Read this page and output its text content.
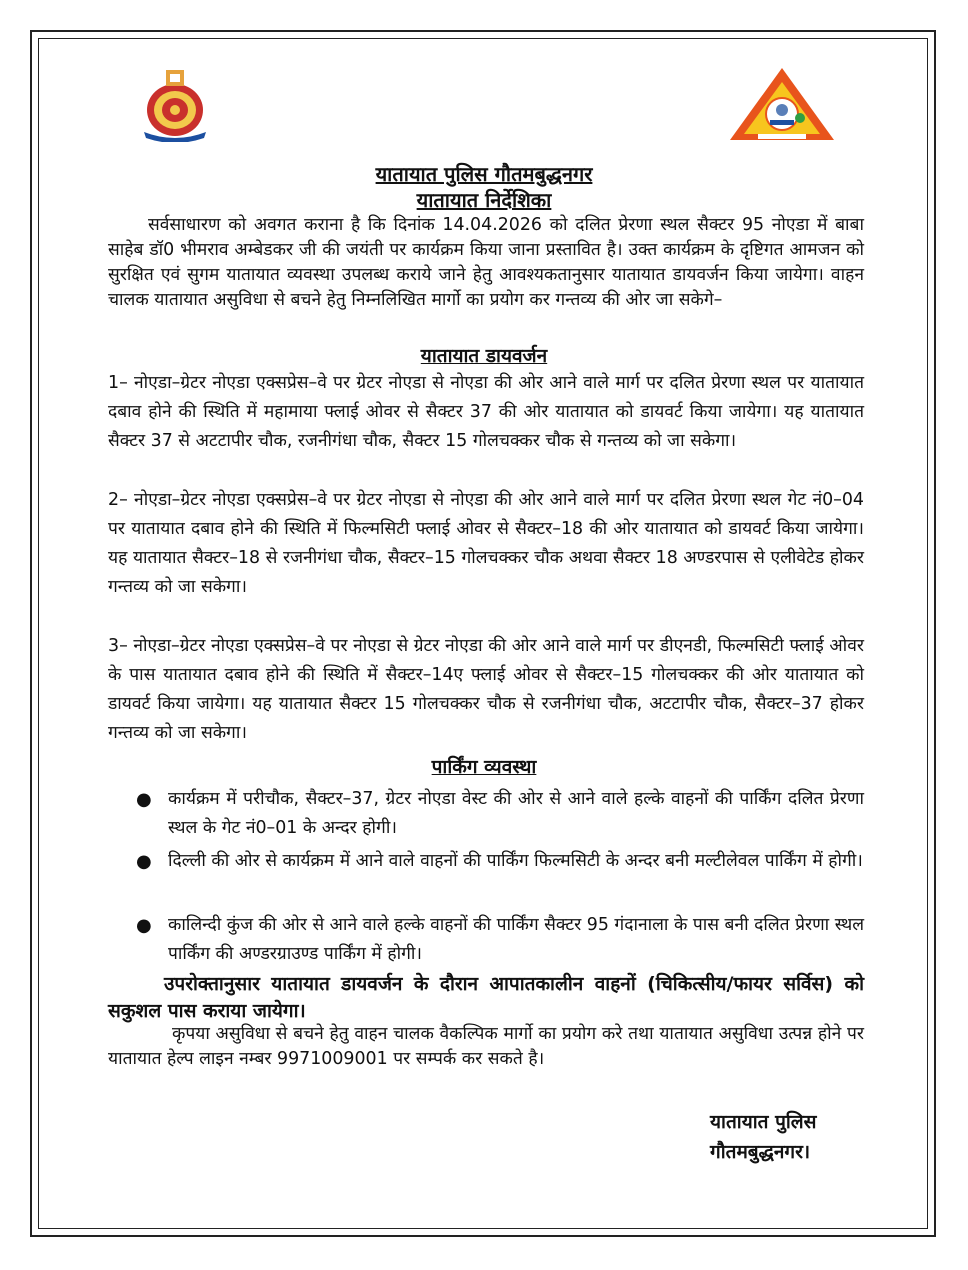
यातायात पुलिस गौतमबुद्धनगर
यातायात निर्देशिका
सर्वसाधारण को अवगत कराना है कि दिनांक 14.04.2026 को दलित प्रेरणा स्थल सैक्टर 95 नोएडा में बाबा साहेब डॉ0 भीमराव अम्बेडकर जी की जयंती पर कार्यक्रम किया जाना प्रस्तावित है। उक्त कार्यक्रम के दृष्टिगत आमजन को सुरक्षित एवं सुगम यातायात व्यवस्था उपलब्ध कराये जाने हेतु आवश्यकतानुसार यातायात डायवर्जन किया जायेगा। वाहन चालक यातायात असुविधा से बचने हेतु निम्नलिखित मार्गो का प्रयोग कर गन्तव्य की ओर जा सकेगे–
यातायात डायवर्जन
1– नोएडा–ग्रेटर नोएडा एक्सप्रेस–वे पर ग्रेटर नोएडा से नोएडा की ओर आने वाले मार्ग पर दलित प्रेरणा स्थल पर यातायात दबाव होने की स्थिति में महामाया फ्लाई ओवर से सैक्टर 37 की ओर यातायात को डायवर्ट किया जायेगा। यह यातायात सैक्टर 37 से अटटापीर चौक, रजनीगंधा चौक, सैक्टर 15 गोलचक्कर चौक से गन्तव्य को जा सकेगा।
2– नोएडा–ग्रेटर नोएडा एक्सप्रेस–वे पर ग्रेटर नोएडा से नोएडा की ओर आने वाले मार्ग पर दलित प्रेरणा स्थल गेट नं0–04 पर यातायात दबाव होने की स्थिति में फिल्मसिटी फ्लाई ओवर से सैक्टर–18 की ओर यातायात को डायवर्ट किया जायेगा। यह यातायात सैक्टर–18 से रजनीगंधा चौक, सैक्टर–15 गोलचक्कर चौक अथवा सैक्टर 18 अण्डरपास से एलीवेटेड होकर गन्तव्य को जा सकेगा।
3– नोएडा–ग्रेटर नोएडा एक्सप्रेस–वे पर नोएडा से ग्रेटर नोएडा की ओर आने वाले मार्ग पर डीएनडी, फिल्मसिटी फ्लाई ओवर के पास यातायात दबाव होने की स्थिति में सैक्टर–14ए फ्लाई ओवर से सैक्टर–15 गोलचक्कर की ओर यातायात को डायवर्ट किया जायेगा। यह यातायात सैक्टर 15 गोलचक्कर चौक से रजनीगंधा चौक, अटटापीर चौक, सैक्टर–37 होकर गन्तव्य को जा सकेगा।
पार्किंग व्यवस्था
● कार्यक्रम में परीचौक, सैक्टर–37, ग्रेटर नोएडा वेस्ट की ओर से आने वाले हल्के वाहनों की पार्किंग दलित प्रेरणा स्थल के गेट नं0–01 के अन्दर होगी।
● दिल्ली की ओर से कार्यक्रम में आने वाले वाहनों की पार्किंग फिल्मसिटी के अन्दर बनी मल्टीलेवल पार्किंग में होगी।
● कालिन्दी कुंज की ओर से आने वाले हल्के वाहनों की पार्किंग सैक्टर 95 गंदानाला के पास बनी दलित प्रेरणा स्थल पार्किंग की अण्डरग्राउण्ड पार्किंग में होगी।
उपरोक्तानुसार यातायात डायवर्जन के दौरान आपातकालीन वाहनों (चिकित्सीय/फायर सर्विस) को सकुशल पास कराया जायेगा।
कृपया असुविधा से बचने हेतु वाहन चालक वैकल्पिक मार्गो का प्रयोग करे तथा यातायात असुविधा उत्पन्न होने पर यातायात हेल्प लाइन नम्बर 9971009001 पर सम्पर्क कर सकते है।
यातायात पुलिस
गौतमबुद्धनगर।
